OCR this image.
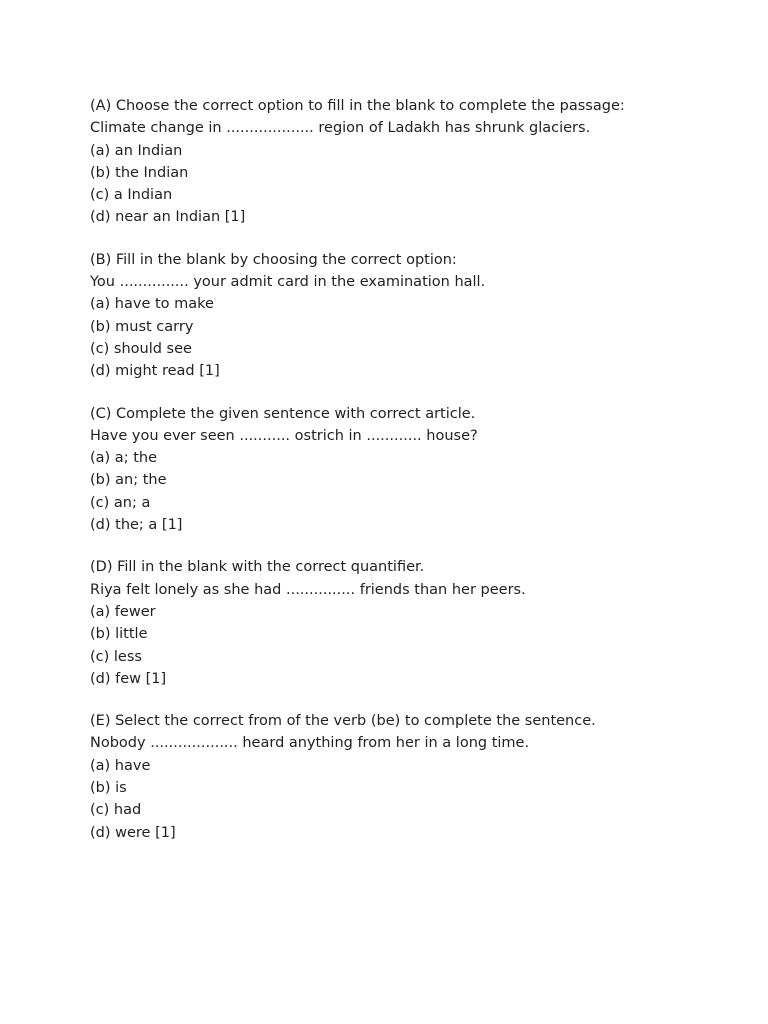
(A) Choose the correct option to fill in the blank to complete the passage:
Climate change in ................... region of Ladakh has shrunk glaciers.
(a) an Indian
(b) the Indian
(c) a Indian
(d) near an Indian [1]
(B) Fill in the blank by choosing the correct option:
You ............... your admit card in the examination hall.
(a) have to make
(b) must carry
(c) should see
(d) might read [1]
(C) Complete the given sentence with correct article.
Have you ever seen ........... ostrich in ............ house?
(a) a; the
(b) an; the
(c) an; a
(d) the; a [1]
(D) Fill in the blank with the correct quantifier.
Riya felt lonely as she had ............... friends than her peers.
(a) fewer
(b) little
(c) less
(d) few [1]
(E) Select the correct from of the verb (be) to complete the sentence.
Nobody ................... heard anything from her in a long time.
(a) have
(b) is
(c) had
(d) were [1]
